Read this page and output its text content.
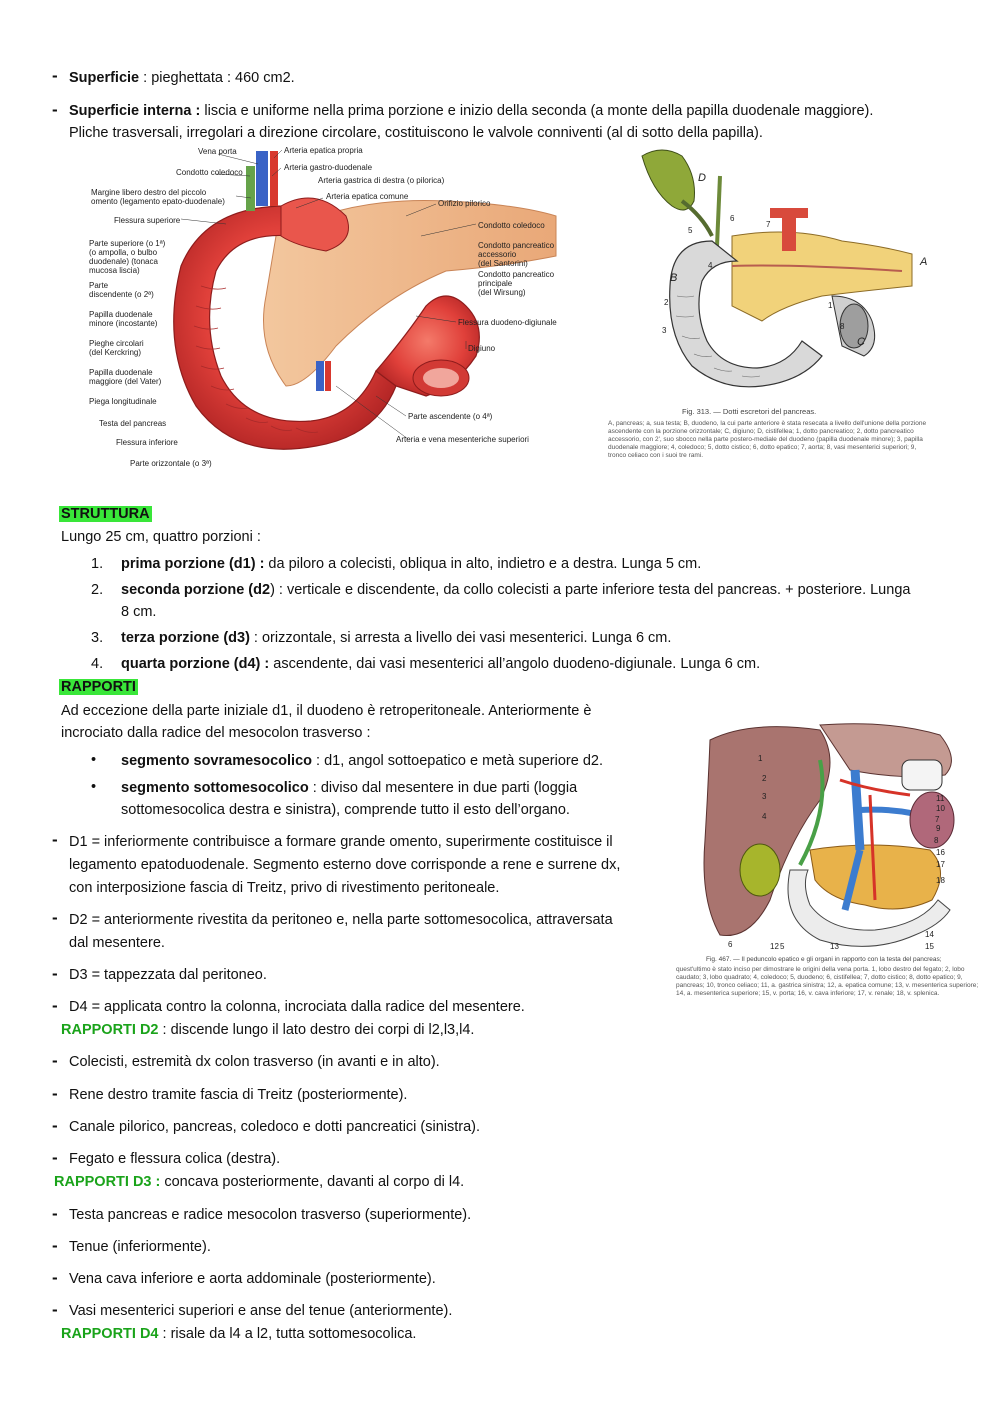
- Superficie : pieghettata : 460 cm2.
- Superficie interna : liscia e uniforme nella prima porzione e inizio della seconda (a monte della papilla duodenale maggiore).
Pliche trasversali, irregolari a direzione circolare, costituiscono le valvole conniventi (al di sotto della papilla).
Vena porta	Arteria epatica propria
Condotto coledoco
Arteria gastro-duodenale
Arteria gastrica di destra (o pilorica)
Margine libero destro del piccolo
omento (legamento epato-duodenale)
Arteria epatica comune
Orifizio pilorico
Flessura superiore
Condotto coledoco
Parte superiore (o 1ª)
(o ampolla, o bulbo
duodenale) (tonaca
mucosa liscia)
Condotto pancreatico
accessorio
(del Santorini)
Condotto pancreatico
principale
(del Wirsung)
Parte
discendente (o 2ª)
Papilla duodenale
minore (incostante)	Flessura duodeno-digiunale
Pieghe circolari
(del Kerckring)	Digiuno
Papilla duodenale
maggiore (del Vater)
Piega longitudinale
Parte ascendente (o 4ª)
Testa del pancreas
Flessura inferiore	Arteria e vena mesenteriche superiori
Parte orizzontale (o 3ª)
D
A
B
C
5
6
7
4
2
3	8
1
Fig. 313. — Dotti escretori del pancreas.
A, pancreas; a, sua testa; B, duodeno, la cui parte anteriore è stata resecata a livello dell'unione della porzione ascendente con la porzione orizzontale; C, digiuno; D, cistifellea; 1, dotto pancreatico; 2, dotto pancreatico accessorio, con 2', suo sbocco nella parte postero-mediale del duodeno (papilla duodenale minore); 3, papilla duodenale maggiore; 4, coledoco; 5, dotto cistico; 6, dotto epatico; 7, aorta; 8, vasi mesenterici superiori; 9, tronco celiaco con i suoi tre rami.
STRUTTURA
Lungo 25 cm, quattro porzioni :
1. prima porzione (d1) : da piloro a colecisti, obliqua in alto, indietro e a destra. Lunga 5 cm.
2. seconda porzione (d2) : verticale e discendente, da collo colecisti a parte inferiore testa del pancreas. + posteriore. Lunga
8 cm.
3. terza porzione (d3) : orizzontale, si arresta a livello dei vasi mesenterici. Lunga 6 cm.
4. quarta porzione (d4) : ascendente, dai vasi mesenterici all’angolo duodeno-digiunale. Lunga 6 cm.
RAPPORTI
Ad eccezione della parte iniziale d1, il duodeno è retroperitoneale. Anteriormente è
incrociato dalla radice del mesocolon trasverso :
• segmento sovramesocolico : d1, angol sottoepatico e metà superiore d2.
• segmento sottomesocolico : diviso dal mesentere in due parti (loggia
sottomesocolica destra e sinistra), comprende tutto il esto dell’organo.
- D1 = inferiormente contribuisce a formare grande omento, superirmente costituisce il
legamento epatoduodenale. Segmento esterno dove corrisponde a rene e surrene dx,
con interposizione fascia di Treitz, privo di rivestimento peritoneale.
- D2 = anteriormente rivestita da peritoneo e, nella parte sottomesocolica, attraversata
dal mesentere.
- D3 = tappezzata dal peritoneo.
- D4 = applicata contro la colonna, incrociata dalla radice del mesentere.
1
2
3
4
5
6
7
8
9
10
11
12	13
14
15
16
17
18
Fig. 467. — Il peduncolo epatico e gli organi in rapporto con la testa del pancreas;
quest'ultimo è stato inciso per dimostrare le origini della vena porta. 1, lobo destro del fegato; 2, lobo caudato; 3, lobo quadrato; 4, coledoco; 5, duodeno; 6, cistifellea; 7, dotto cistico; 8, dotto epatico; 9, pancreas; 10, tronco celiaco; 11, a. gastrica sinistra; 12, a. epatica comune; 13, v. mesenterica superiore; 14, a. mesenterica superiore; 15, v. porta; 16, v. cava inferiore; 17, v. renale; 18, v. splenica.
RAPPORTI D2 : discende lungo il lato destro dei corpi di l2,l3,l4.
- Colecisti, estremità dx colon trasverso (in avanti e in alto).
- Rene destro tramite fascia di Treitz (posteriormente).
- Canale pilorico, pancreas, coledoco e dotti pancreatici (sinistra).
- Fegato e flessura colica (destra).
RAPPORTI D3 : concava posteriormente, davanti al corpo di l4.
- Testa pancreas e radice mesocolon trasverso (superiormente).
- Tenue (inferiormente).
- Vena cava inferiore e aorta addominale (posteriormente).
- Vasi mesenterici superiori e anse del tenue (anteriormente).
RAPPORTI D4 : risale da l4 a l2, tutta sottomesocolica.
